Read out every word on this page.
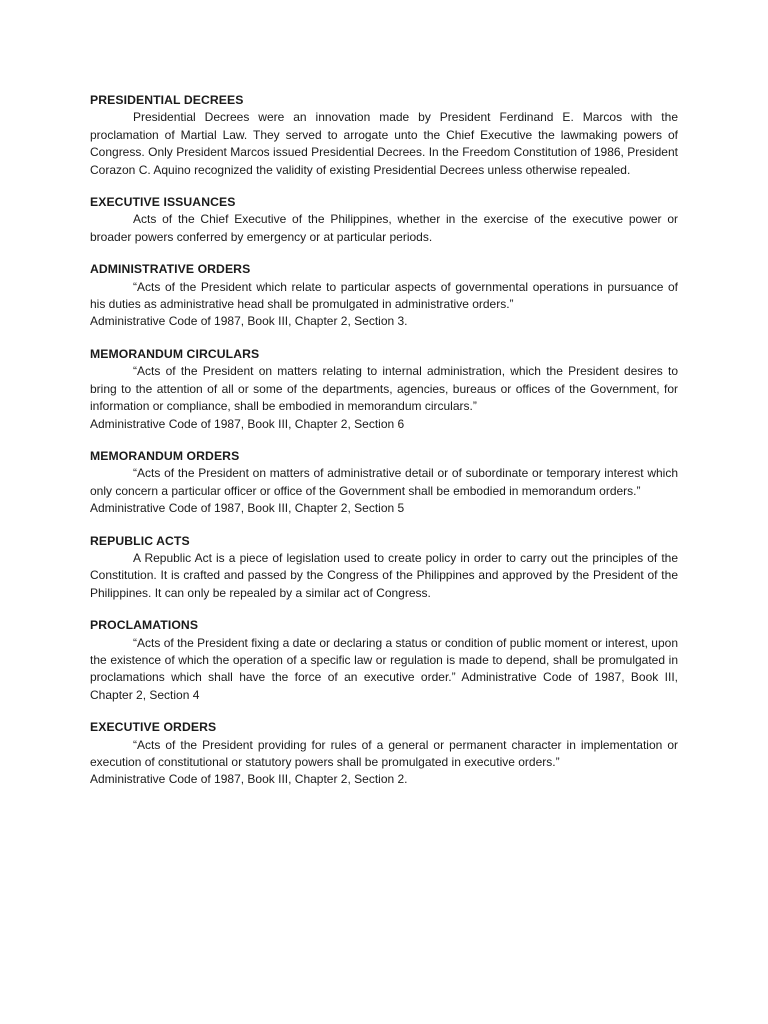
PRESIDENTIAL DECREES

Presidential Decrees were an innovation made by President Ferdinand E. Marcos with the proclamation of Martial Law. They served to arrogate unto the Chief Executive the lawmaking powers of Congress. Only President Marcos issued Presidential Decrees. In the Freedom Constitution of 1986, President Corazon C. Aquino recognized the validity of existing Presidential Decrees unless otherwise repealed.

EXECUTIVE ISSUANCES

Acts of the Chief Executive of the Philippines, whether in the exercise of the executive power or broader powers conferred by emergency or at particular periods.

ADMINISTRATIVE ORDERS

“Acts of the President which relate to particular aspects of governmental operations in pursuance of his duties as administrative head shall be promulgated in administrative orders.”

Administrative Code of 1987, Book III, Chapter 2, Section 3.

MEMORANDUM CIRCULARS

“Acts of the President on matters relating to internal administration, which the President desires to bring to the attention of all or some of the departments, agencies, bureaus or offices of the Government, for information or compliance, shall be embodied in memorandum circulars.”

Administrative Code of 1987, Book III, Chapter 2, Section 6

MEMORANDUM ORDERS

“Acts of the President on matters of administrative detail or of subordinate or temporary interest which only concern a particular officer or office of the Government shall be embodied in memorandum orders.”

Administrative Code of 1987, Book III, Chapter 2, Section 5

REPUBLIC ACTS

A Republic Act is a piece of legislation used to create policy in order to carry out the principles of the Constitution. It is crafted and passed by the Congress of the Philippines and approved by the President of the Philippines. It can only be repealed by a similar act of Congress.

PROCLAMATIONS

“Acts of the President fixing a date or declaring a status or condition of public moment or interest, upon the existence of which the operation of a specific law or regulation is made to depend, shall be promulgated in proclamations which shall have the force of an executive order.” Administrative Code of 1987, Book III, Chapter 2, Section 4

EXECUTIVE ORDERS

“Acts of the President providing for rules of a general or permanent character in implementation or execution of constitutional or statutory powers shall be promulgated in executive orders.”

Administrative Code of 1987, Book III, Chapter 2, Section 2.
